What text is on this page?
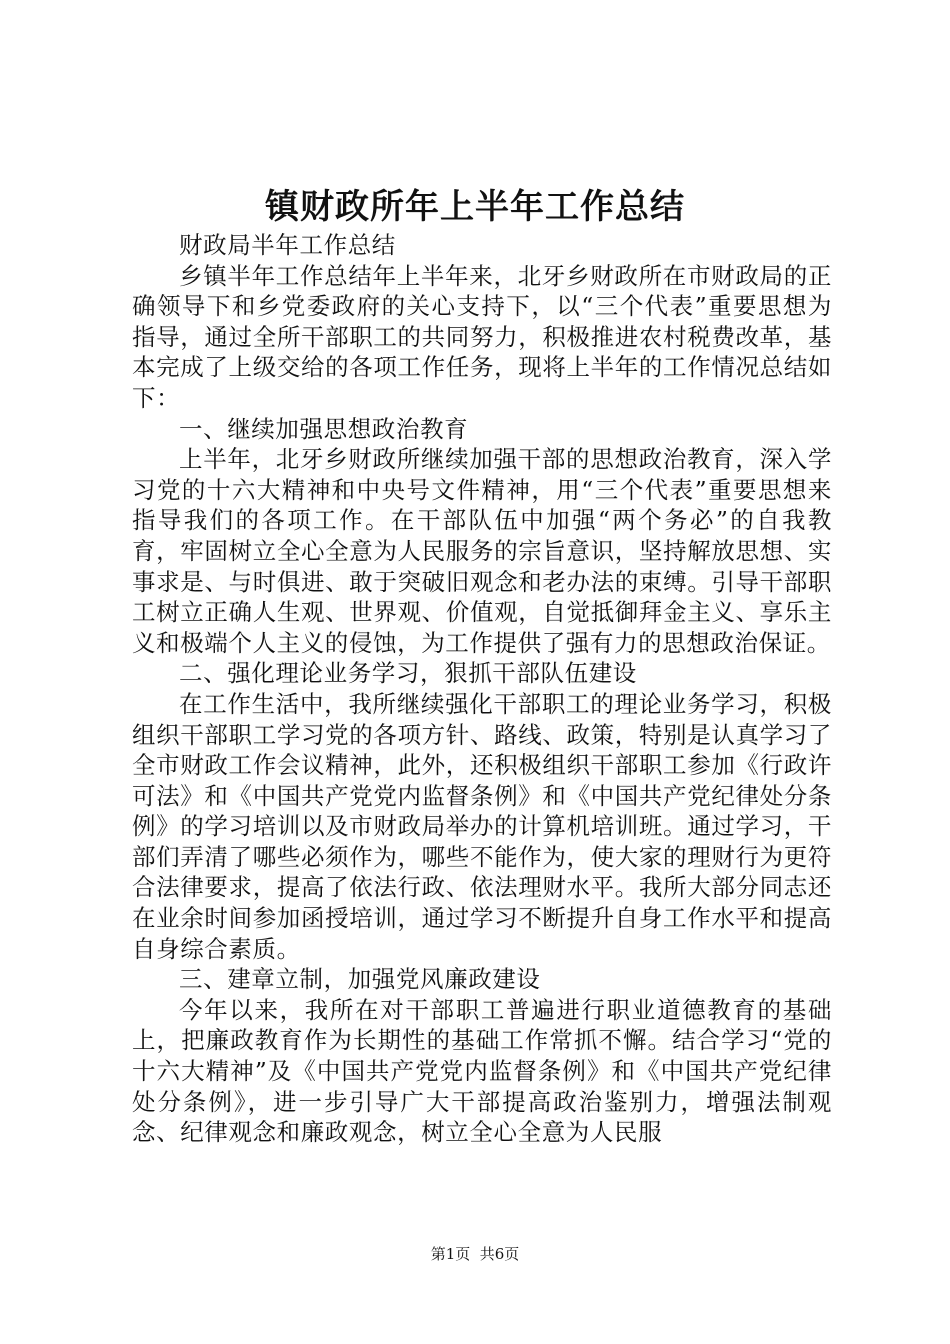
镇财政所年上半年工作总结

财政局半年工作总结

乡镇半年工作总结年上半年来，北牙乡财政所在市财政局的正确领导下和乡党委政府的关心支持下，以“三个代表”重要思想为指导，通过全所干部职工的共同努力，积极推进农村税费改革，基本完成了上级交给的各项工作任务，现将上半年的工作情况总结如下：

一、继续加强思想政治教育

上半年，北牙乡财政所继续加强干部的思想政治教育，深入学习党的十六大精神和中央号文件精神，用“三个代表”重要思想来指导我们的各项工作。在干部队伍中加强“两个务必”的自我教育，牢固树立全心全意为人民服务的宗旨意识，坚持解放思想、实事求是、与时俱进、敢于突破旧观念和老办法的束缚。引导干部职工树立正确人生观、世界观、价值观，自觉抵御拜金主义、享乐主义和极端个人主义的侵蚀，为工作提供了强有力的思想政治保证。

二、强化理论业务学习，狠抓干部队伍建设

在工作生活中，我所继续强化干部职工的理论业务学习，积极组织干部职工学习党的各项方针、路线、政策，特别是认真学习了全市财政工作会议精神，此外，还积极组织干部职工参加《行政许可法》和《中国共产党党内监督条例》和《中国共产党纪律处分条例》的学习培训以及市财政局举办的计算机培训班。通过学习，干部们弄清了哪些必须作为，哪些不能作为，使大家的理财行为更符合法律要求，提高了依法行政、依法理财水平。我所大部分同志还在业余时间参加函授培训，通过学习不断提升自身工作水平和提高自身综合素质。

三、建章立制，加强党风廉政建设

今年以来，我所在对干部职工普遍进行职业道德教育的基础上，把廉政教育作为长期性的基础工作常抓不懈。结合学习“党的十六大精神”及《中国共产党党内监督条例》和《中国共产党纪律处分条例》，进一步引导广大干部提高政治鉴别力，增强法制观念、纪律观念和廉政观念，树立全心全意为人民服

第1页  共6页
